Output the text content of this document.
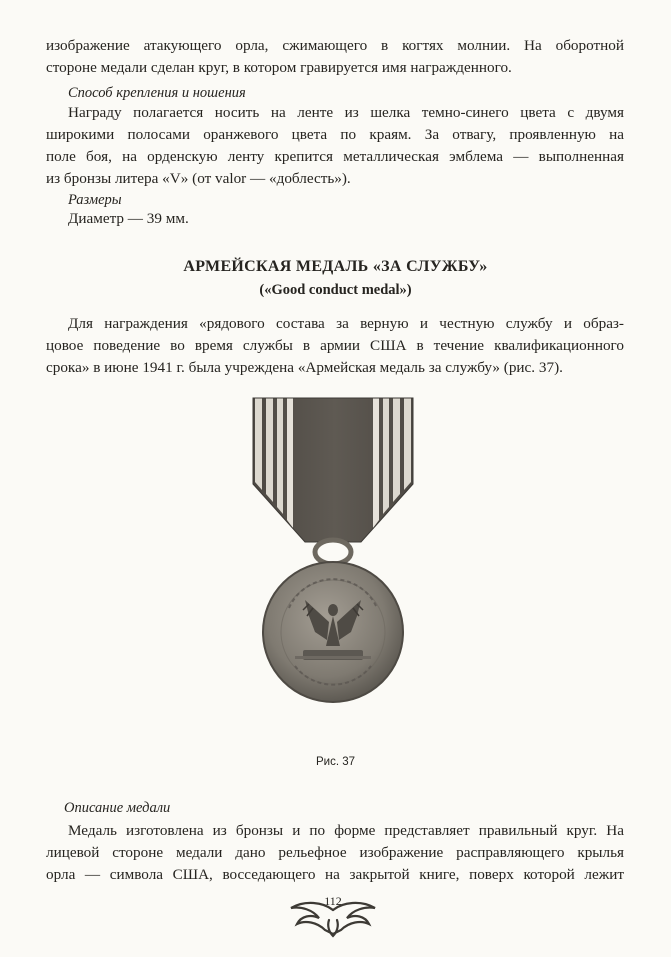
изображение атакующего орла, сжимающего в когтях молнии. На оборотной
стороне медали сделан круг, в котором гравируется имя награжденного.
Способ крепления и ношения
Награду полагается носить на ленте из шелка темно-синего цвета с двумя
широкими полосами оранжевого цвета по краям. За отвагу, проявленную на
поле боя, на орденскую ленту крепится металлическая эмблема — выполненная
из бронзы литера «V» (от valor — «доблесть»).
Размеры
Диаметр — 39 мм.
АРМЕЙСКАЯ МЕДАЛЬ «ЗА СЛУЖБУ»
(«Good conduct medal»)
Для награждения «рядового состава за верную и честную службу и образ-
цовое поведение во время службы в армии США в течение квалификационного
срока» в июне 1941 г. была учреждена «Армейская медаль за службу» (рис. 37).
Рис. 37
Описание медали
Медаль изготовлена из бронзы и по форме представляет правильный круг. На
лицевой стороне медали дано рельефное изображение расправляющего крылья
орла — символа США, восседающего на закрытой книге, поверх которой лежит
112
